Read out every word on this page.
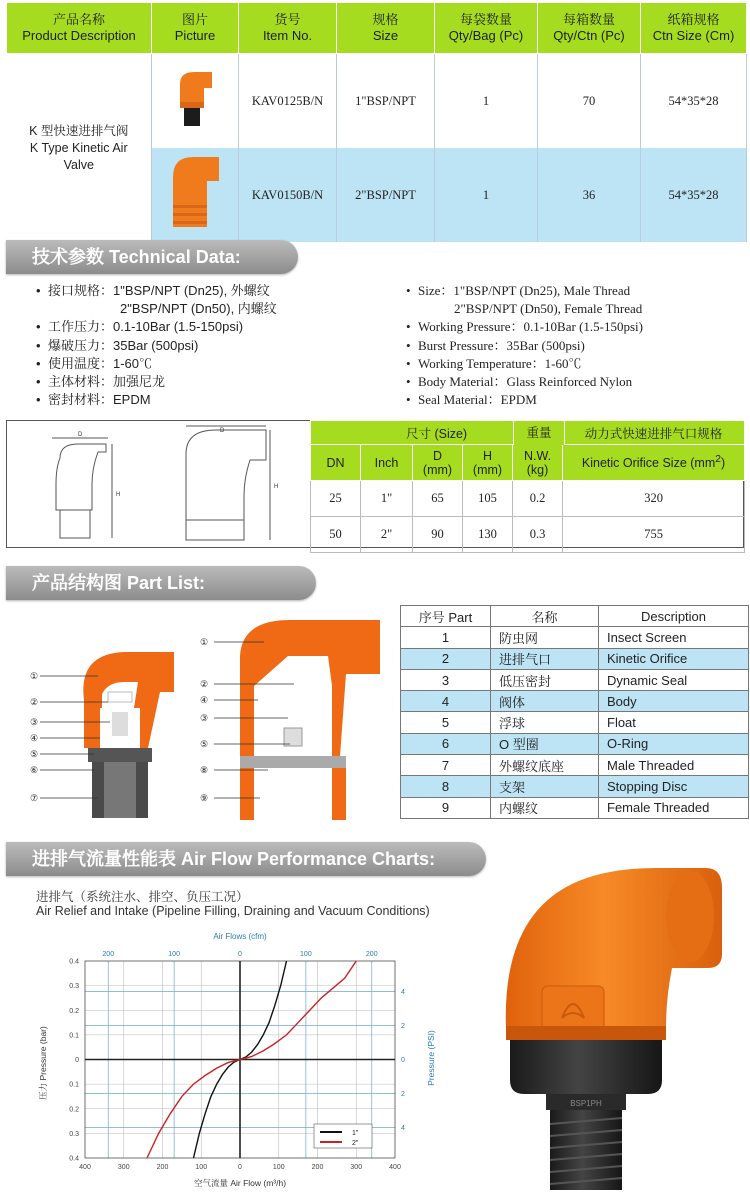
产品名称
Product Description	图片
Picture	货号
Item No.	规格
Size	每袋数量
Qty/Bag (Pc)	每箱数量
Qty/Ctn (Pc)	纸箱规格
Ctn Size (Cm)
K 型快速进排气阀
K Type Kinetic Air
Valve		KAV0125B/N	1"BSP/NPT	1	70	54*35*28
	KAV0150B/N	2"BSP/NPT	1	36	54*35*28
技术参数 Technical Data:
• 接口规格：1"BSP/NPT (Dn25), 外螺纹
2"BSP/NPT (Dn50), 内螺纹
• 工作压力：0.1-10Bar (1.5-150psi)
• 爆破压力：35Bar (500psi)
• 使用温度：1-60℃
• 主体材料：加强尼龙
• 密封材料：EPDM
• Size：1"BSP/NPT (Dn25), Male Thread
2"BSP/NPT (Dn50), Female Thread
• Working Pressure：0.1-10Bar (1.5-150psi)
• Burst Pressure：35Bar (500psi)
• Working Temperature：1-60℃
• Body Material：Glass Reinforced Nylon
• Seal Material：EPDM
D
H
D
H
尺寸 (Size)					动力式快速进排气口规格
DN	Inch	D
(mm)	H
(mm)	N.W.
(kg)	Kinetic Orifice Size $(mm^2)$
25	1"	65	105	0.2	320
50	2"	90	130	0.3	755
重量
产品结构图 Part List:
①
②
③
④
⑤
⑥
⑦
①
②
④
③
⑤
⑧
⑨
序号 Part	名称	Description
1	防虫网	Insect Screen
2	进排气口	Kinetic Orifice
3	低压密封	Dynamic Seal
4	阀体	Body
5	浮球	Float
6	O 型圈	O-Ring
7	外螺纹底座	Male Threaded
8	支架	Stopping Disc
9	内螺纹	Female Threaded
进排气流量性能表 Air Flow Performance Charts:
进排气（系统注水、排空、负压工况）
Air Relief and Intake (Pipeline Filling, Draining and Vacuum Conditions)
400	300	200	100	0	100	200	300	400
0.4
0.3
0.2
0.1
0
0.1
0.2
0.3
0.4
200	100	0	100	200
4
2
0
2
4
Air Flows (cfm)
空气流量 Air Flow (m³/h)
压力 Pressure (bar)	Pressure (PSI)
1"
2"
BSP1PH
